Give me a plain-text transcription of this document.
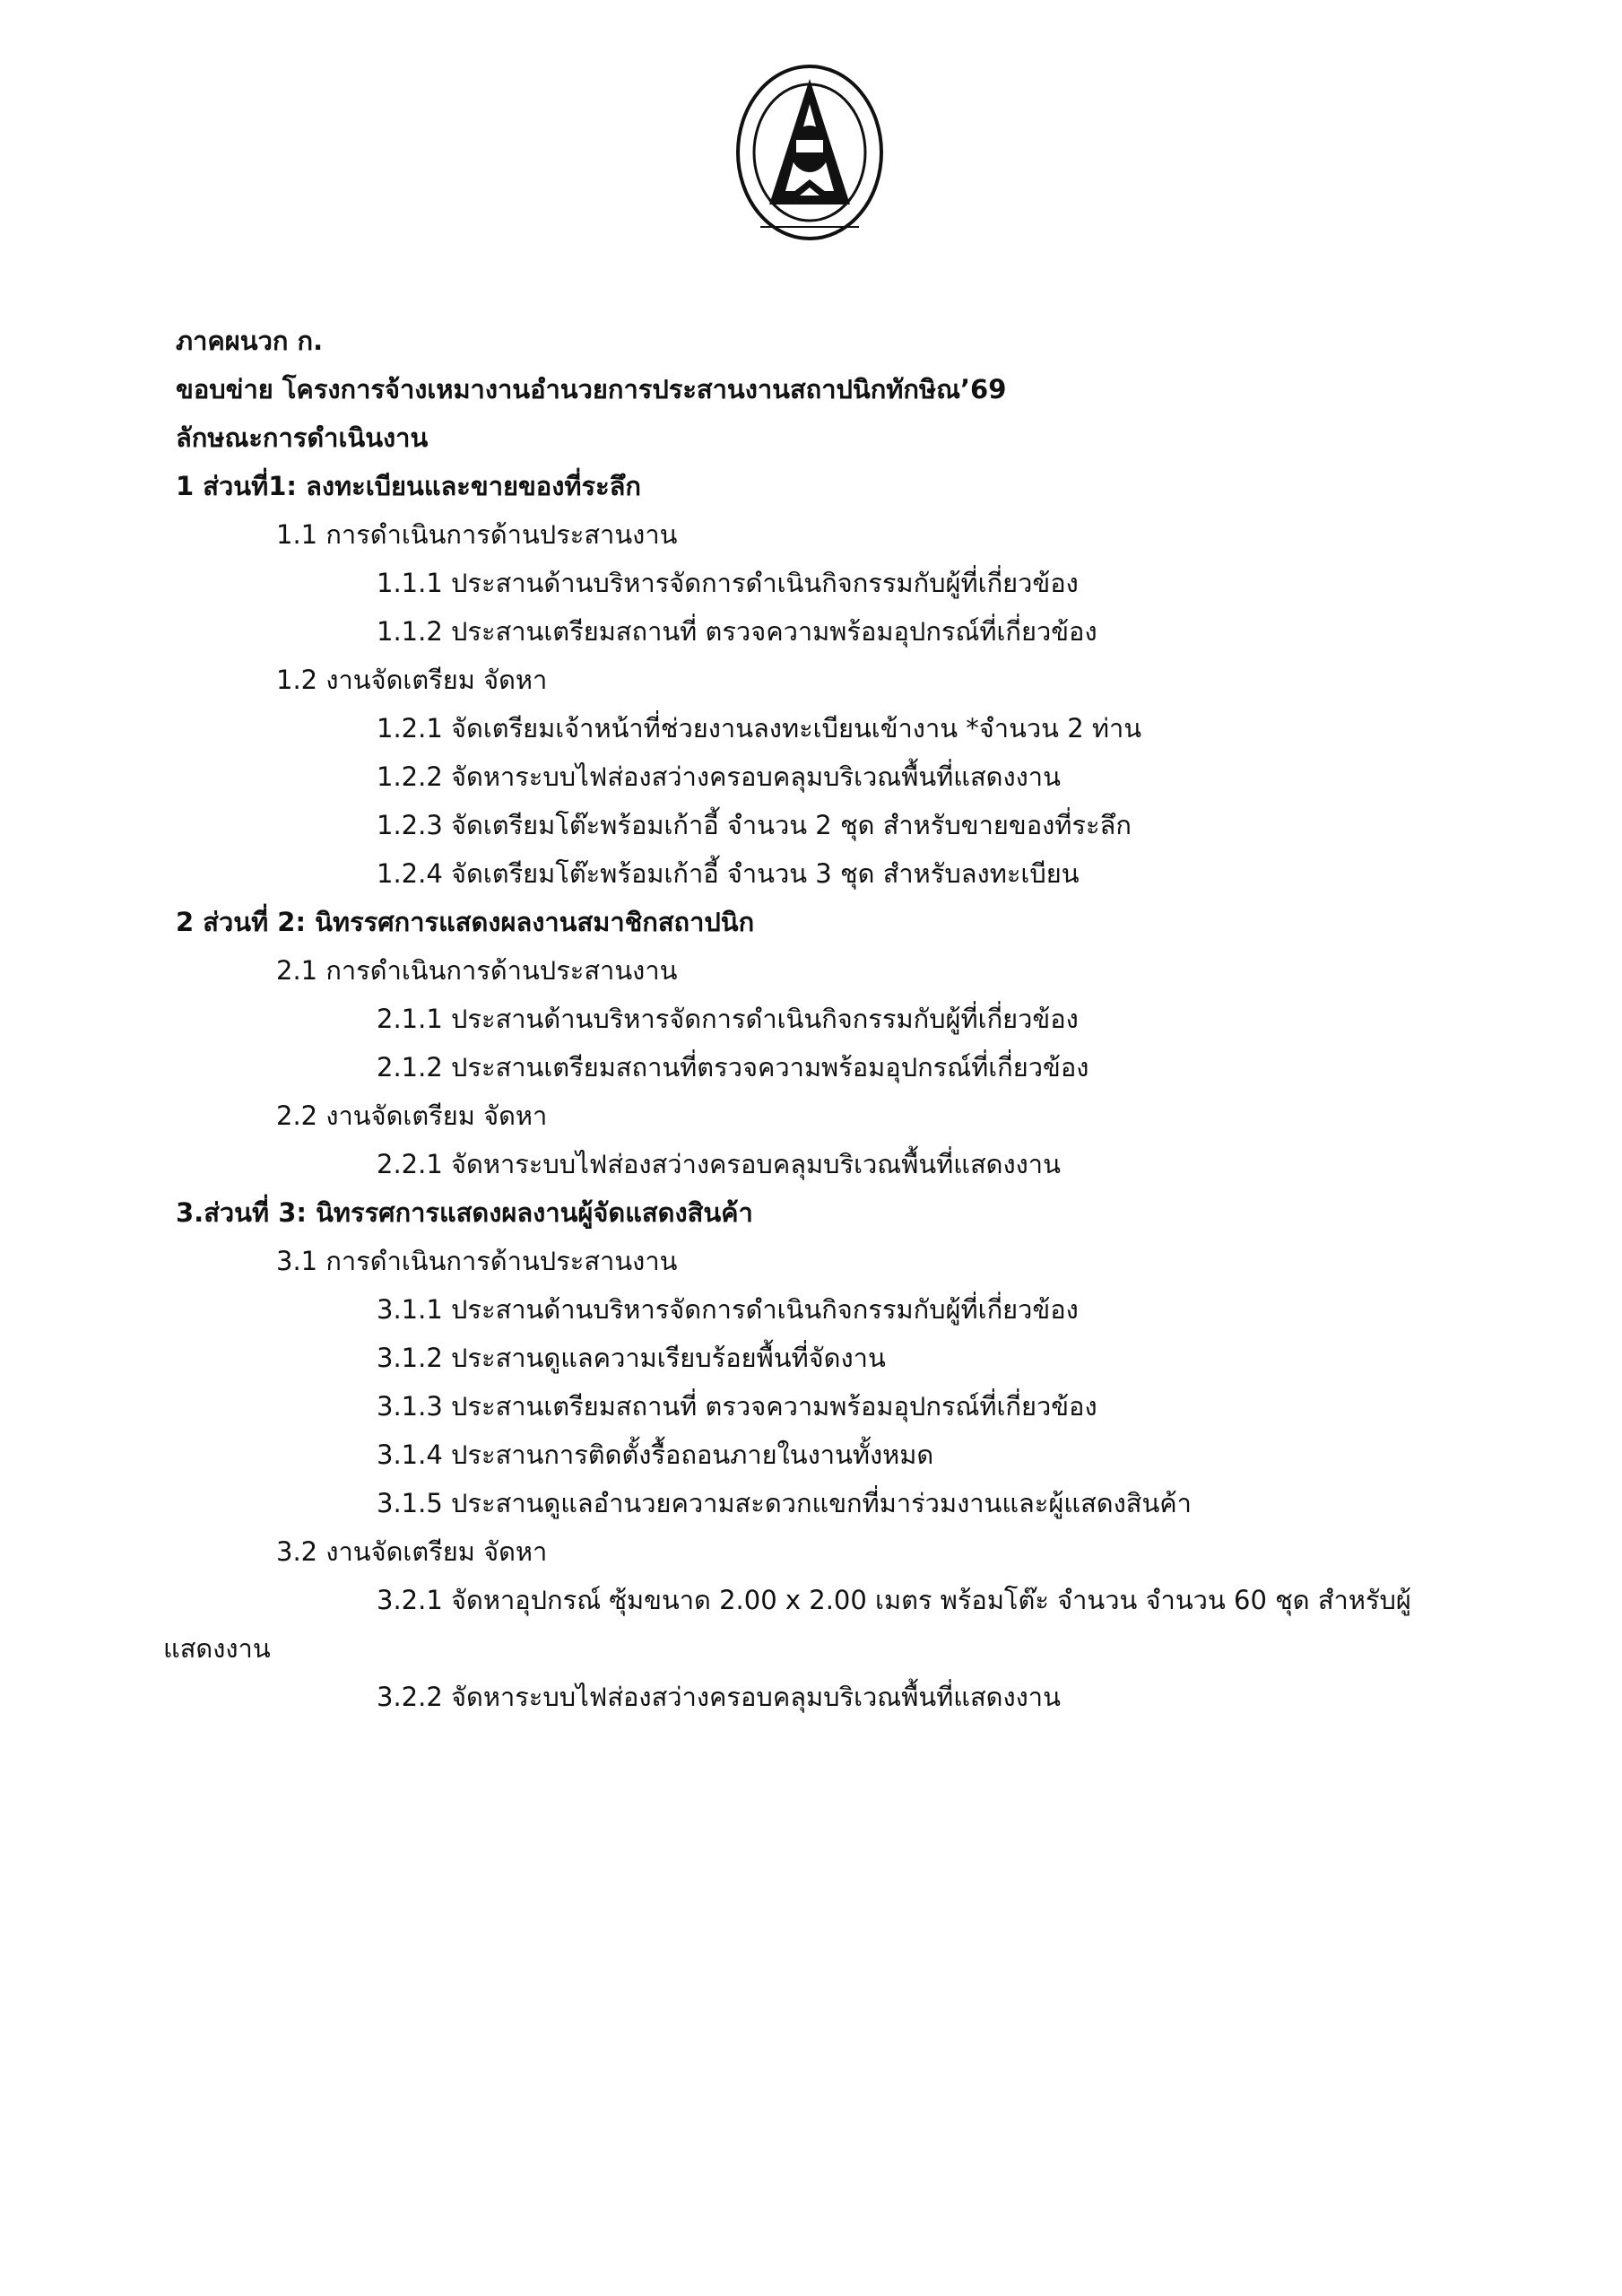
ภาคผนวก ก.
ขอบข่าย โครงการจ้างเหมางานอำนวยการประสานงานสถาปนิกทักษิณ’69
ลักษณะการดำเนินงาน
1 ส่วนที่1: ลงทะเบียนและขายของที่ระลึก
1.1 การดำเนินการด้านประสานงาน
1.1.1 ประสานด้านบริหารจัดการดำเนินกิจกรรมกับผู้ที่เกี่ยวข้อง
1.1.2 ประสานเตรียมสถานที่ ตรวจความพร้อมอุปกรณ์ที่เกี่ยวข้อง
1.2 งานจัดเตรียม จัดหา
1.2.1 จัดเตรียมเจ้าหน้าที่ช่วยงานลงทะเบียนเข้างาน *จำนวน 2 ท่าน
1.2.2 จัดหาระบบไฟส่องสว่างครอบคลุมบริเวณพื้นที่แสดงงาน
1.2.3 จัดเตรียมโต๊ะพร้อมเก้าอี้ จำนวน 2 ชุด สำหรับขายของที่ระลึก
1.2.4 จัดเตรียมโต๊ะพร้อมเก้าอี้ จำนวน 3 ชุด สำหรับลงทะเบียน
2 ส่วนที่ 2: นิทรรศการแสดงผลงานสมาชิกสถาปนิก
2.1 การดำเนินการด้านประสานงาน
2.1.1 ประสานด้านบริหารจัดการดำเนินกิจกรรมกับผู้ที่เกี่ยวข้อง
2.1.2 ประสานเตรียมสถานที่ตรวจความพร้อมอุปกรณ์ที่เกี่ยวข้อง
2.2 งานจัดเตรียม จัดหา
2.2.1 จัดหาระบบไฟส่องสว่างครอบคลุมบริเวณพื้นที่แสดงงาน
3.ส่วนที่ 3: นิทรรศการแสดงผลงานผู้จัดแสดงสินค้า
3.1 การดำเนินการด้านประสานงาน
3.1.1 ประสานด้านบริหารจัดการดำเนินกิจกรรมกับผู้ที่เกี่ยวข้อง
3.1.2 ประสานดูแลความเรียบร้อยพื้นที่จัดงาน
3.1.3 ประสานเตรียมสถานที่ ตรวจความพร้อมอุปกรณ์ที่เกี่ยวข้อง
3.1.4 ประสานการติดตั้งรื้อถอนภายในงานทั้งหมด
3.1.5 ประสานดูแลอำนวยความสะดวกแขกที่มาร่วมงานและผู้แสดงสินค้า
3.2 งานจัดเตรียม จัดหา
3.2.1 จัดหาอุปกรณ์ ซุ้มขนาด 2.00 x 2.00 เมตร พร้อมโต๊ะ จำนวน จำนวน 60 ชุด สำหรับผู้
แสดงงาน
3.2.2 จัดหาระบบไฟส่องสว่างครอบคลุมบริเวณพื้นที่แสดงงาน
